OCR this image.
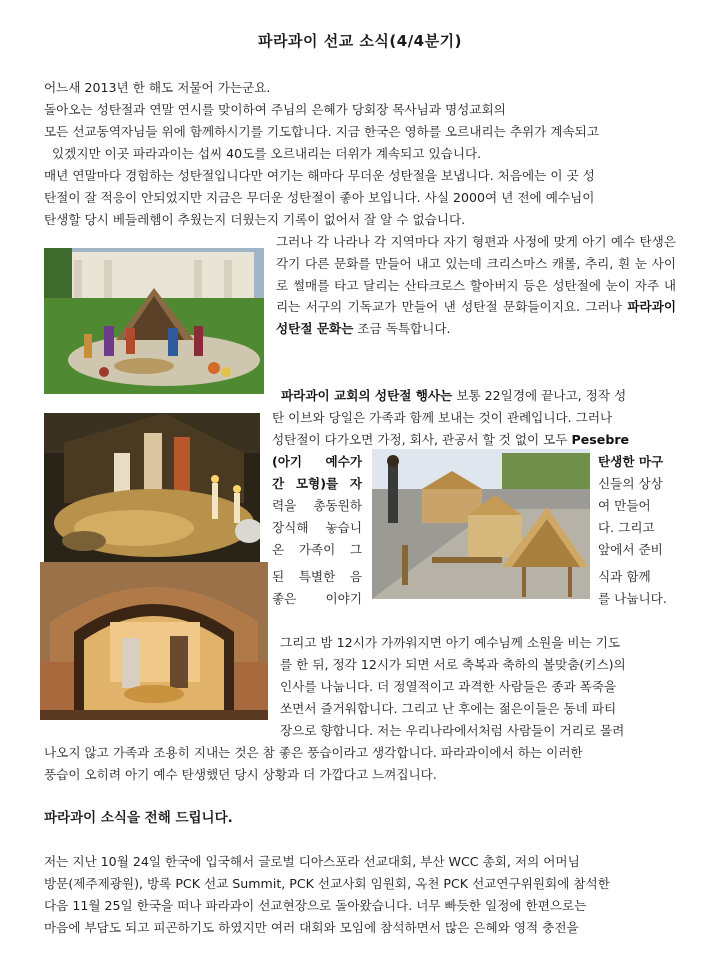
파라과이 선교 소식(4/4분기)
어느새 2013년 한 해도 저물어 가는군요.
돌아오는 성탄절과 연말 연시를 맞이하여 주님의 은혜가 당회장 목사님과 명성교회의
모든 선교동역자님들 위에 함께하시기를 기도합니다. 지금 한국은 영하를 오르내리는 추위가 계속되고
있겠지만 이곳 파라과이는 섭씨 40도를 오르내리는 더위가 계속되고 있습니다.
매년 연말마다 경험하는 성탄절입니다만 여기는 해마다 무더운 성탄절을 보냅니다. 처음에는 이 곳 성
탄절이 잘 적응이 안되었지만 지금은 무더운 성탄절이 좋아 보입니다. 사실 2000여 년 전에 예수님이
탄생할 당시 베들레헴이 추웠는지 더웠는지 기록이 없어서 잘 알 수 없습니다.

그러나 각 나라나 각 지역마다 자기 형편과 사정에 맞게 아기 예수 탄생은 각기 다른 문화를 만들어 내고 있는데 크리스마스 캐롤, 추리, 흰 눈 사이로 썰매를 타고 달리는 산타크로스 할아버지 등은 성탄절에 눈이 자주 내리는 서구의 기독교가 만들어 낸 성탄절 문화들이지요. 그러나 파라과이 성탄절 문화는 조금 독특합니다.

파라과이 교회의 성탄절 행사는 보통 22일경에 끝나고, 정작 성
탄 이브와 당일은 가족과 함께 보내는 것이 관례입니다. 그러나
성탄절이 다가오면 가정, 회사, 관공서 할 것 없이 모두 Pesebre
(아기 예수가
간 모형)를 자
력을 총동원하
장식해 놓습니
온 가족이 그
된 특별한 음
좋은 이야기
탄생한 마구
신들의 상상
여 만들어
다. 그리고
앞에서 준비
식과 함께
를 나눕니다.
그리고 밤 12시가 가까워지면 아기 예수님께 소원을 비는 기도
를 한 뒤, 정각 12시가 되면 서로 축복과 축하의 볼맞춤(키스)의
인사를 나눕니다. 더 정열적이고 과격한 사람들은 종과 폭죽을
쏘면서 즐거워합니다. 그리고 난 후에는 젊은이들은 동네 파티
장으로 향합니다. 저는 우리나라에서처럼 사람들이 거리로 몰려
나오지 않고 가족과 조용히 지내는 것은 참 좋은 풍습이라고 생각합니다. 파라과이에서 하는 이러한
풍습이 오히려 아기 예수 탄생했던 당시 상황과 더 가깝다고 느껴집니다.
파라과이 소식을 전해 드립니다.
저는 지난 10월 24일 한국에 입국해서 글로벌 디아스포라 선교대회, 부산 WCC 총회, 저의 어머님
방문(제주제광원), 방록 PCK 선교 Summit, PCK 선교사회 임원회, 옥천 PCK 선교연구위원회에 참석한
다음 11월 25일 한국을 떠나 파라과이 선교현장으로 돌아왔습니다. 너무 빠듯한 일정에 한편으로는
마음에 부담도 되고 피곤하기도 하였지만 여러 대회와 모임에 참석하면서 많은 은혜와 영적 충전을
